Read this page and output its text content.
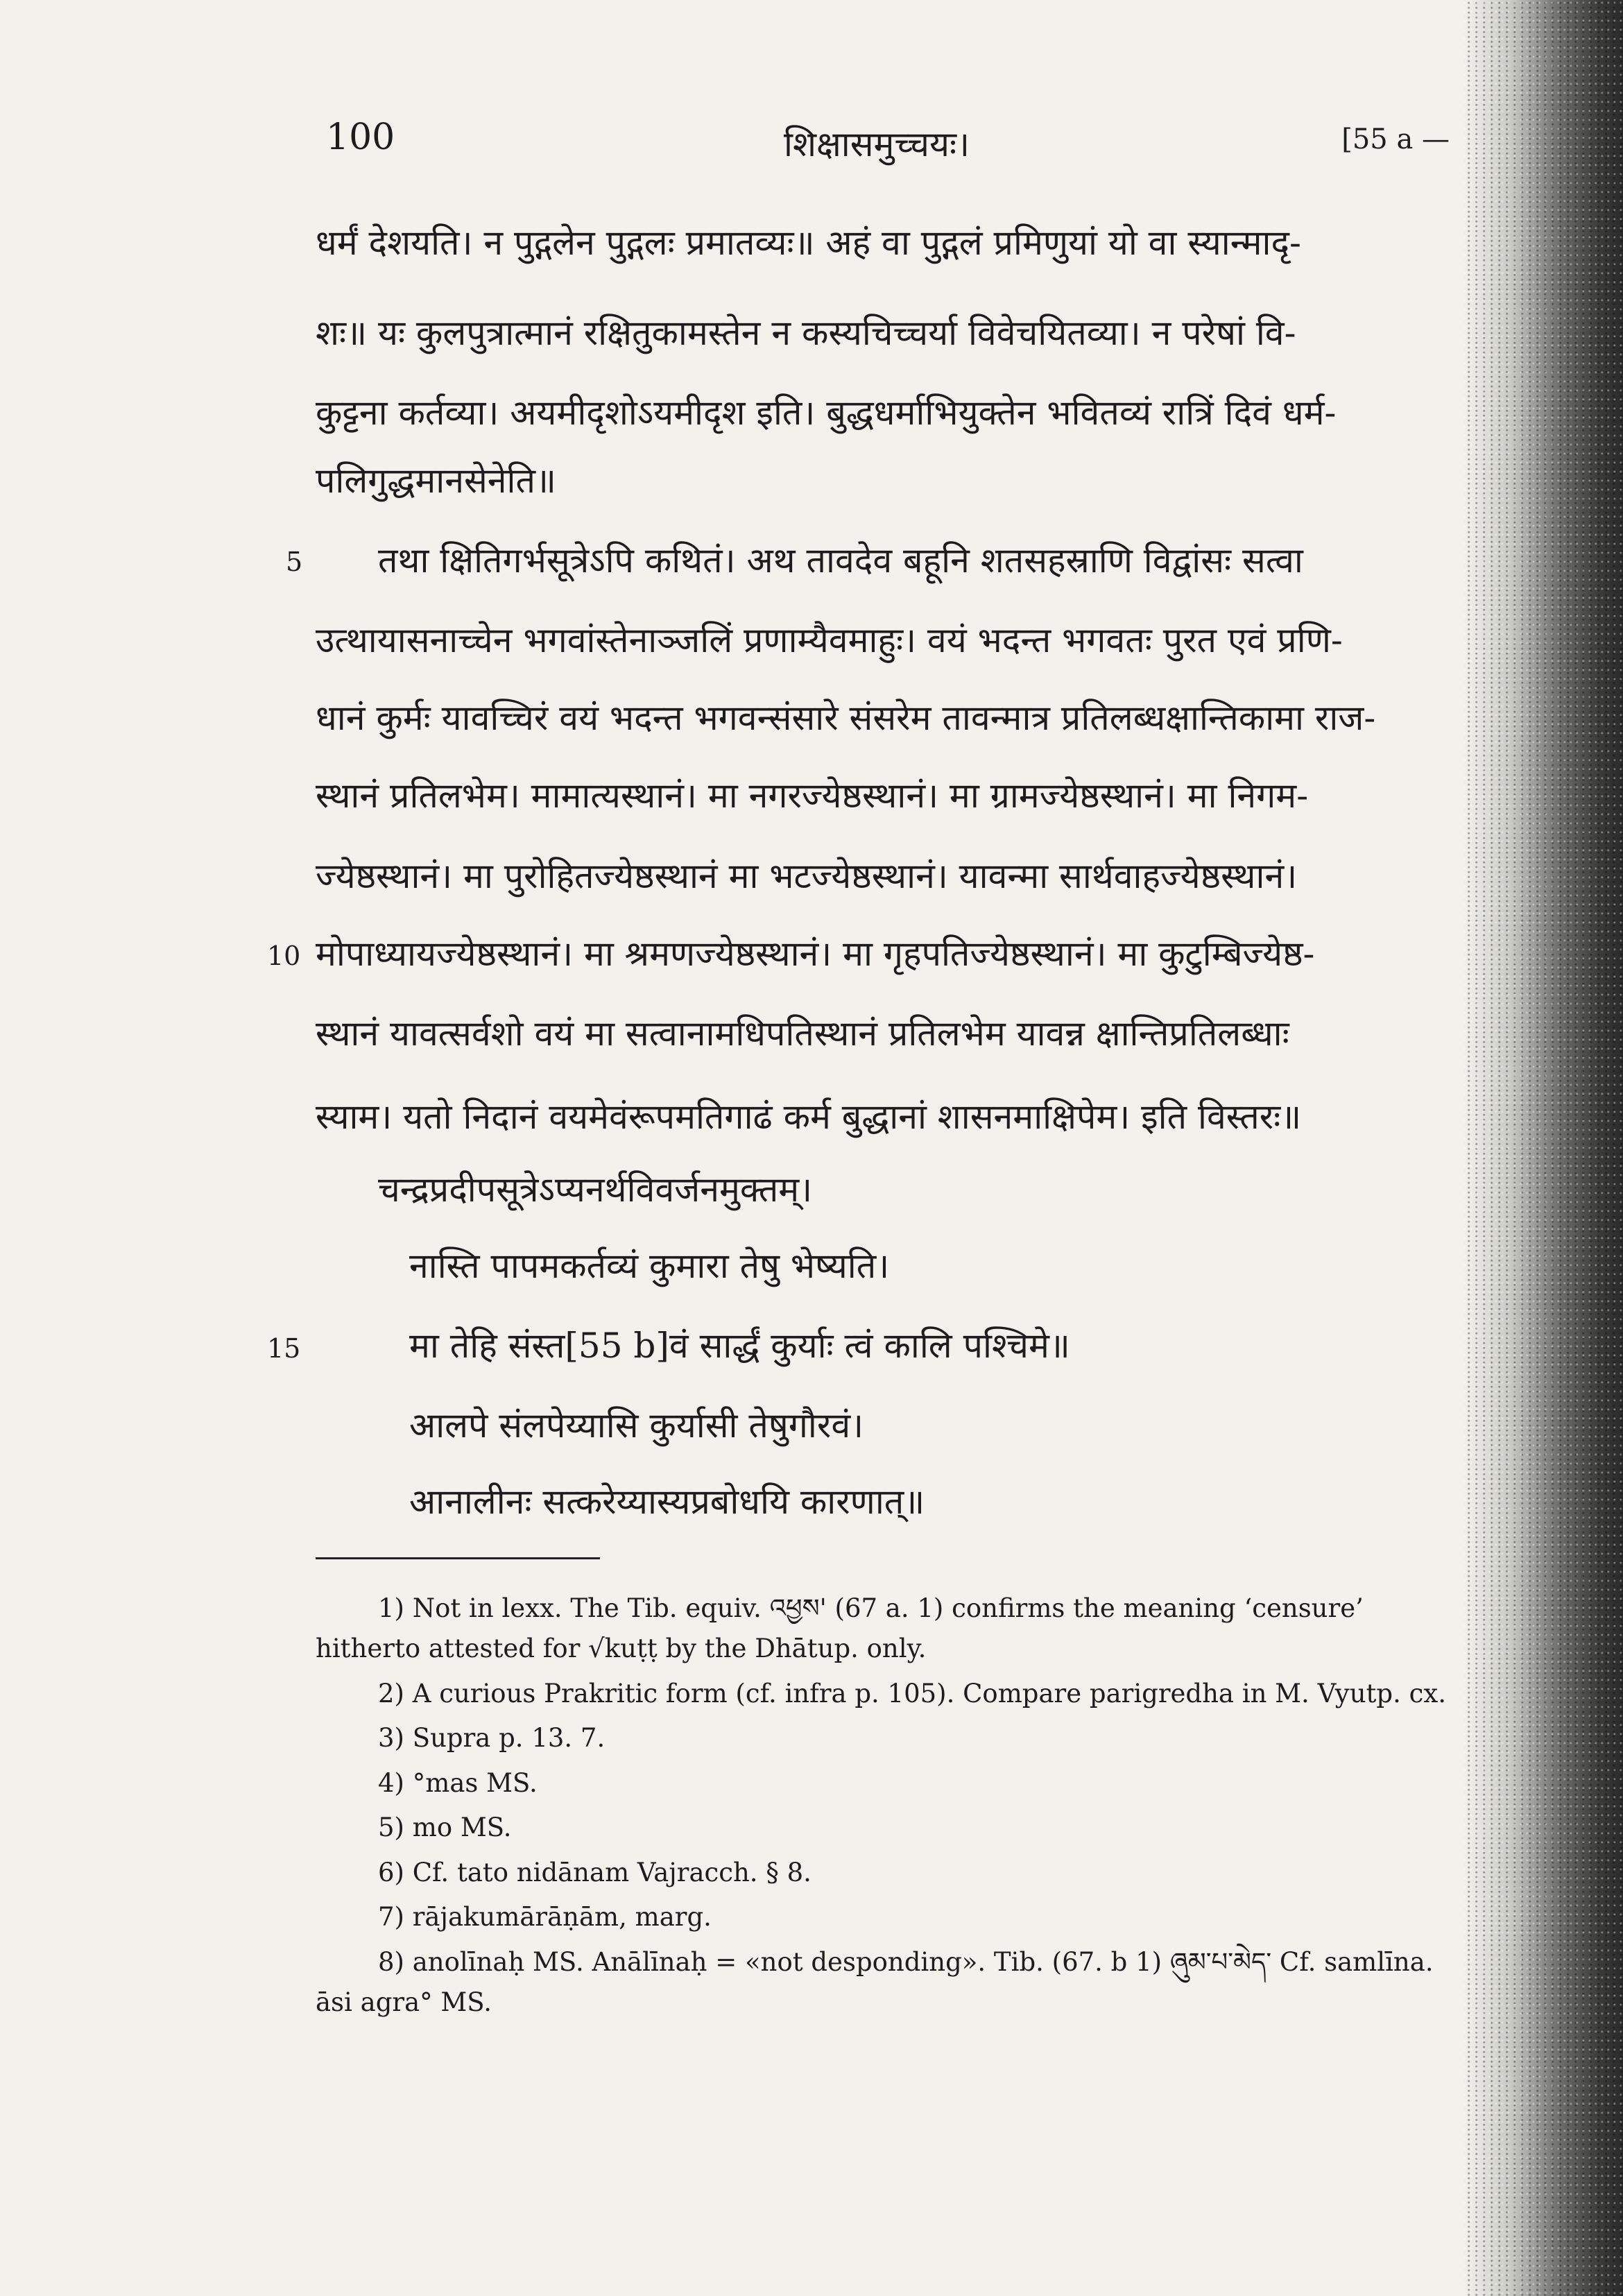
100	शिक्षासमुच्चयः।	[55 a —
धर्मं देशयति। न पुद्गलेन पुद्गलः प्रमातव्यः॥ अहं वा पुद्गलं प्रमिणुयां यो वा स्यान्मादृ-
शः॥ यः कुलपुत्रात्मानं रक्षितुकामस्तेन न कस्यचिच्चर्या विवेचयितव्या। न परेषां वि-
कुट्टना कर्तव्या। अयमीदृशोऽयमीदृश इति। बुद्धधर्माभियुक्तेन भवितव्यं रात्रिं दिवं धर्म-
पलिगुद्धमानसेनेति॥
5 तथा क्षितिगर्भसूत्रेऽपि कथितं। अथ तावदेव बहूनि शतसहस्राणि विद्वांसः सत्वा
उत्थायासनाच्चेन भगवांस्तेनाञ्जलिं प्रणाम्यैवमाहुः। वयं भदन्त भगवतः पुरत एवं प्रणि-
धानं कुर्मः यावच्चिरं वयं भदन्त भगवन्संसारे संसरेम तावन्मात्र प्रतिलब्धक्षान्तिकामा राज-
स्थानं प्रतिलभेम। मामात्यस्थानं। मा नगरज्येष्ठस्थानं। मा ग्रामज्येष्ठस्थानं। मा निगम-
ज्येष्ठस्थानं। मा पुरोहितज्येष्ठस्थानं मा भटज्येष्ठस्थानं। यावन्मा सार्थवाहज्येष्ठस्थानं।
10 मोपाध्यायज्येष्ठस्थानं। मा श्रमणज्येष्ठस्थानं। मा गृहपतिज्येष्ठस्थानं। मा कुटुम्बिज्येष्ठ-
स्थानं यावत्सर्वशो वयं मा सत्वानामधिपतिस्थानं प्रतिलभेम यावन्न क्षान्तिप्रतिलब्धाः
स्याम। यतो निदानं वयमेवंरूपमतिगाढं कर्म बुद्धानां शासनमाक्षिपेम। इति विस्तरः॥
चन्द्रप्रदीपसूत्रेऽप्यनर्थविवर्जनमुक्तम्।
नास्ति पापमकर्तव्यं कुमारा तेषु भेष्यति।
15	मा तेहि संस्त[55 b]वं सार्द्धं कुर्याः त्वं कालि पश्चिमे॥
आलपे संलपेय्यासि कुर्यासी तेषुगौरवं।
आनालीनः सत्करेय्यास्यप्रबोधयि कारणात्॥

1) Not in lexx. The Tib. equiv. འཕྱས' (67 a. 1) confirms the meaning ‘censure’ hitherto attested for √kuṭṭ by the Dhātup. only.

2) A curious Prakritic form (cf. infra p. 105). Compare parigredha in M. Vyutp. cx.

3) Supra p. 13. 7.

4) °mas MS.

5) mo MS.

6) Cf. tato nidānam Vajracch. § 8.

7) rājakumārāṇām, marg.

8) anolīnaḥ MS. Anālīnaḥ = «not desponding». Tib. (67. b 1) ཞུམ་པ་མེད་ Cf. samlīna. āsi agra° MS.
